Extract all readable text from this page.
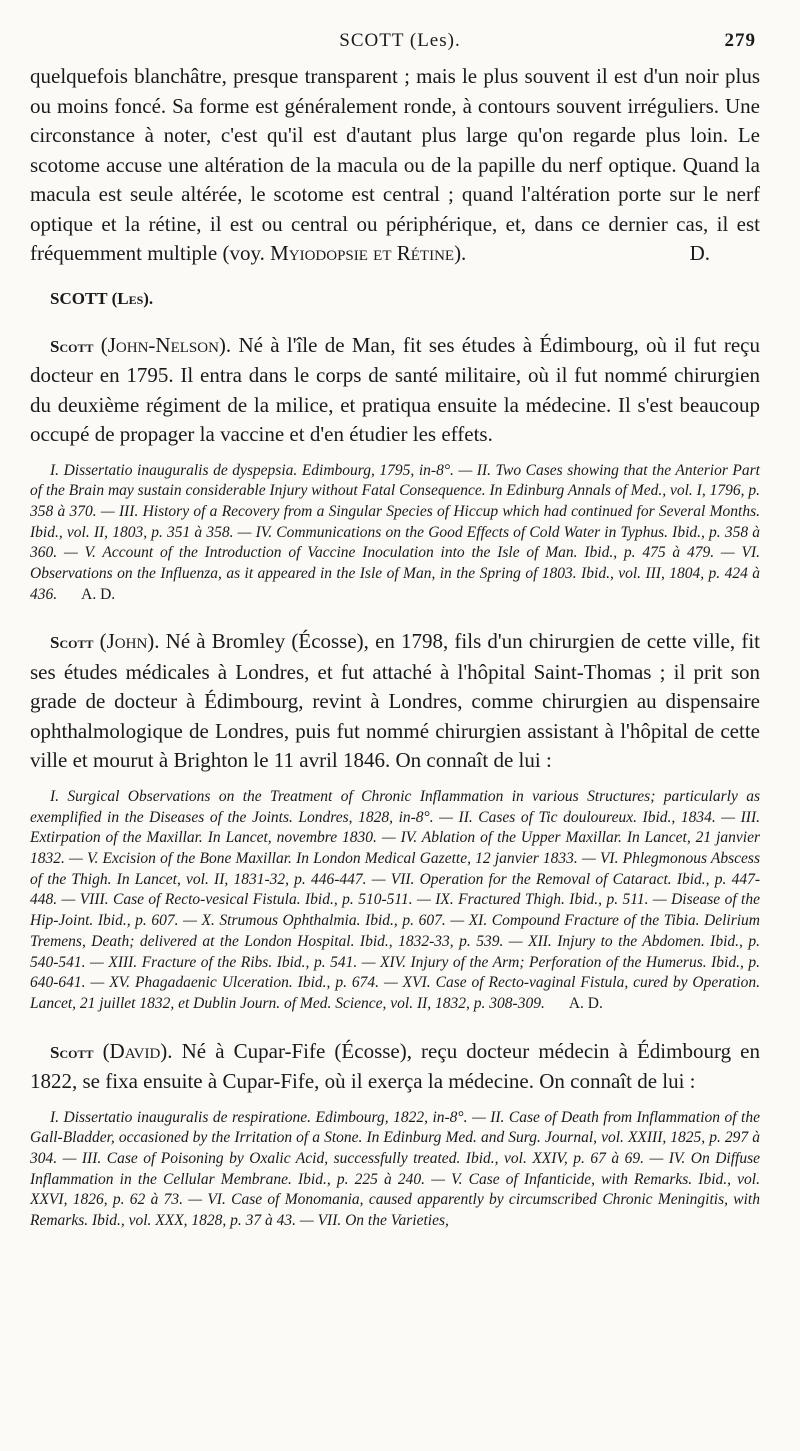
SCOTT (Les).	279

quelquefois blanchâtre, presque transparent ; mais le plus souvent il est d'un noir plus ou moins foncé. Sa forme est généralement ronde, à contours souvent irréguliers. Une circonstance à noter, c'est qu'il est d'autant plus large qu'on regarde plus loin. Le scotome accuse une altération de la macula ou de la papille du nerf optique. Quand la macula est seule altérée, le scotome est central ; quand l'altération porte sur le nerf optique et la rétine, il est ou central ou périphérique, et, dans ce dernier cas, il est fréquemment multiple (voy. Myiodopsie et Rétine).	D.

SCOTT (Les).

Scott (John-Nelson). Né à l'île de Man, fit ses études à Édimbourg, où il fut reçu docteur en 1795. Il entra dans le corps de santé militaire, où il fut nommé chirurgien du deuxième régiment de la milice, et pratiqua ensuite la médecine. Il s'est beaucoup occupé de propager la vaccine et d'en étudier les effets.

I. Dissertatio inauguralis de dyspepsia. Edimbourg, 1795, in-8°. — II. Two Cases showing that the Anterior Part of the Brain may sustain considerable Injury without Fatal Consequence. In Edinburg Annals of Med., vol. I, 1796, p. 358 à 370. — III. History of a Recovery from a Singular Species of Hiccup which had continued for Several Months. Ibid., vol. II, 1803, p. 351 à 358. — IV. Communications on the Good Effects of Cold Water in Typhus. Ibid., p. 358 à 360. — V. Account of the Introduction of Vaccine Inoculation into the Isle of Man. Ibid., p. 475 à 479. — VI. Observations on the Influenza, as it appeared in the Isle of Man, in the Spring of 1803. Ibid., vol. III, 1804, p. 424 à 436. A. D.

Scott (John). Né à Bromley (Écosse), en 1798, fils d'un chirurgien de cette ville, fit ses études médicales à Londres, et fut attaché à l'hôpital Saint-Thomas ; il prit son grade de docteur à Édimbourg, revint à Londres, comme chirurgien au dispensaire ophthalmologique de Londres, puis fut nommé chirurgien assistant à l'hôpital de cette ville et mourut à Brighton le 11 avril 1846. On connaît de lui :

I. Surgical Observations on the Treatment of Chronic Inflammation in various Structures; particularly as exemplified in the Diseases of the Joints. Londres, 1828, in-8°. — II. Cases of Tic douloureux. Ibid., 1834. — III. Extirpation of the Maxillar. In Lancet, novembre 1830. — IV. Ablation of the Upper Maxillar. In Lancet, 21 janvier 1832. — V. Excision of the Bone Maxillar. In London Medical Gazette, 12 janvier 1833. — VI. Phlegmonous Abscess of the Thigh. In Lancet, vol. II, 1831-32, p. 446-447. — VII. Operation for the Removal of Cataract. Ibid., p. 447-448. — VIII. Case of Recto-vesical Fistula. Ibid., p. 510-511. — IX. Fractured Thigh. Ibid., p. 511. — Disease of the Hip-Joint. Ibid., p. 607. — X. Strumous Ophthalmia. Ibid., p. 607. — XI. Compound Fracture of the Tibia. Delirium Tremens, Death; delivered at the London Hospital. Ibid., 1832-33, p. 539. — XII. Injury to the Abdomen. Ibid., p. 540-541. — XIII. Fracture of the Ribs. Ibid., p. 541. — XIV. Injury of the Arm; Perforation of the Humerus. Ibid., p. 640-641. — XV. Phagadaenic Ulceration. Ibid., p. 674. — XVI. Case of Recto-vaginal Fistula, cured by Operation. Lancet, 21 juillet 1832, et Dublin Journ. of Med. Science, vol. II, 1832, p. 308-309. A. D.

Scott (David). Né à Cupar-Fife (Écosse), reçu docteur médecin à Édimbourg en 1822, se fixa ensuite à Cupar-Fife, où il exerça la médecine. On connaît de lui :

I. Dissertatio inauguralis de respiratione. Edimbourg, 1822, in-8°. — II. Case of Death from Inflammation of the Gall-Bladder, occasioned by the Irritation of a Stone. In Edinburg Med. and Surg. Journal, vol. XXIII, 1825, p. 297 à 304. — III. Case of Poisoning by Oxalic Acid, successfully treated. Ibid., vol. XXIV, p. 67 à 69. — IV. On Diffuse Inflammation in the Cellular Membrane. Ibid., p. 225 à 240. — V. Case of Infanticide, with Remarks. Ibid., vol. XXVI, 1826, p. 62 à 73. — VI. Case of Monomania, caused apparently by circumscribed Chronic Meningitis, with Remarks. Ibid., vol. XXX, 1828, p. 37 à 43. — VII. On the Varieties,
